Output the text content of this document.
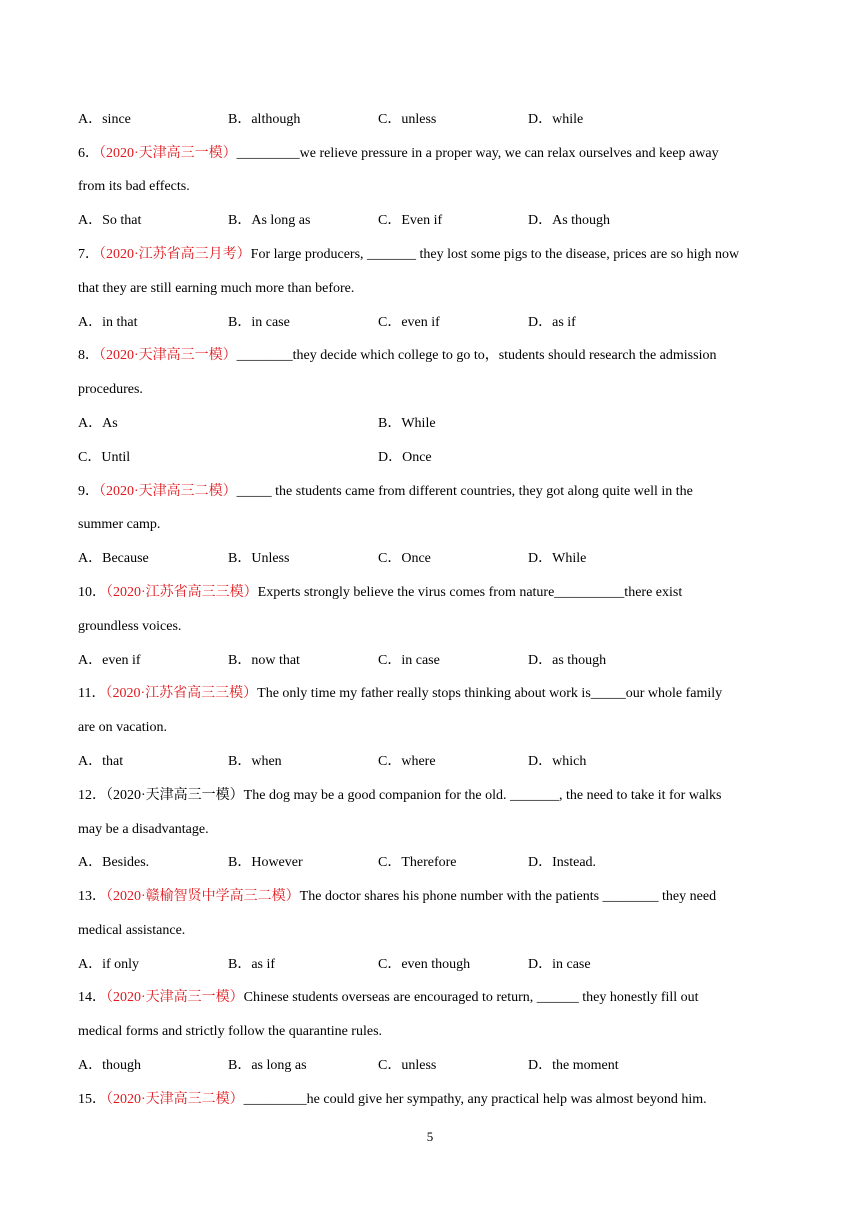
A．since	B．although	C．unless	D．while
6．（2020·天津高三一模）_________we relieve pressure in a proper way, we can relax ourselves and keep away
from its bad effects.
A．So that	B．As long as	C．Even if	D．As though
7．（2020·江苏省高三月考）For large producers, _______ they lost some pigs to the disease, prices are so high now
that they are still earning much more than before.
A．in that	B．in case	C．even if	D．as if
8．（2020·天津高三一模）________they decide which college to go to，students should research the admission
procedures.
A．As	B．While
C．Until	D．Once
9．（2020·天津高三二模）_____ the students came from different countries, they got along quite well in the
summer camp.
A．Because	B．Unless	C．Once	D．While
10．（2020·江苏省高三三模）Experts strongly believe the virus comes from nature__________there exist
groundless voices.
A．even if	B．now that	C．in case	D．as though
11．（2020·江苏省高三三模）The only time my father really stops thinking about work is_____our whole family
are on vacation.
A．that	B．when	C．where	D．which
12．（2020·天津高三一模）The dog may be a good companion for the old. _______, the need to take it for walks
may be a disadvantage.
A．Besides.	B．However	C．Therefore	D．Instead.
13．（2020·赣榆智贤中学高三二模）The doctor shares his phone number with the patients ________ they need
medical assistance.
A．if only	B．as if	C．even though	D．in case
14．（2020·天津高三一模）Chinese students overseas are encouraged to return, ______ they honestly fill out
medical forms and strictly follow the quarantine rules.
A．though	B．as long as	C．unless	D．the moment
15．（2020·天津高三二模）_________he could give her sympathy, any practical help was almost beyond him.
5
